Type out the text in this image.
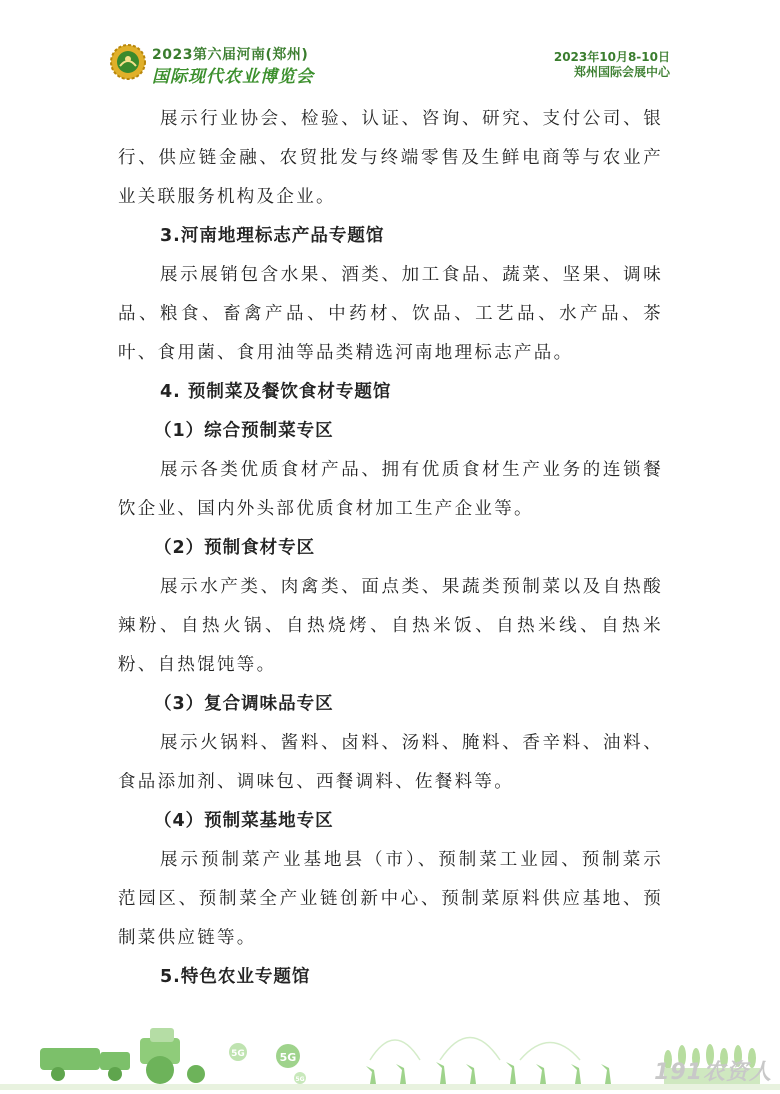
2023第六届河南(郑州)
国际现代农业博览会
2023年10月8-10日
郑州国际会展中心

展示行业协会、检验、认证、咨询、研究、支付公司、银行、供应链金融、农贸批发与终端零售及生鲜电商等与农业产业关联服务机构及企业。

3.河南地理标志产品专题馆

展示展销包含水果、酒类、加工食品、蔬菜、坚果、调味品、粮食、畜禽产品、中药材、饮品、工艺品、水产品、茶叶、食用菌、食用油等品类精选河南地理标志产品。

4. 预制菜及餐饮食材专题馆

（1）综合预制菜专区

展示各类优质食材产品、拥有优质食材生产业务的连锁餐饮企业、国内外头部优质食材加工生产企业等。

（2）预制食材专区

展示水产类、肉禽类、面点类、果蔬类预制菜以及自热酸辣粉、自热火锅、自热烧烤、自热米饭、自热米线、自热米粉、自热馄饨等。

（3）复合调味品专区

展示火锅料、酱料、卤料、汤料、腌料、香辛料、油料、食品添加剂、调味包、西餐调料、佐餐料等。

（4）预制菜基地专区

展示预制菜产业基地县（市）、预制菜工业园、预制菜示范园区、预制菜全产业链创新中心、预制菜原料供应基地、预制菜供应链等。

5.特色农业专题馆

5G	5G
5G	191农资人
